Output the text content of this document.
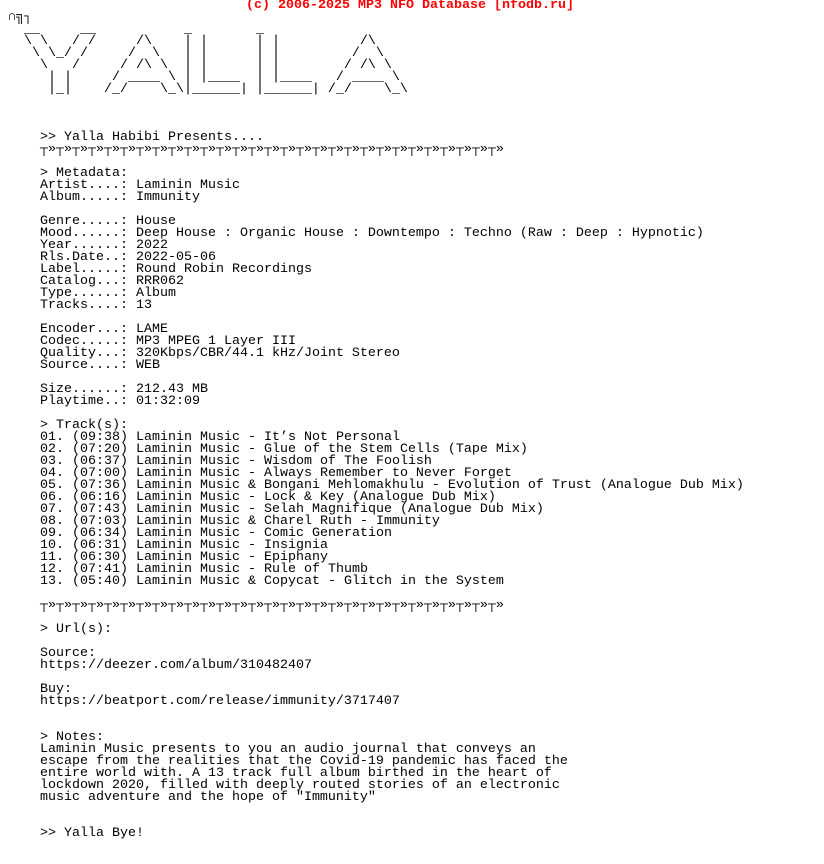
(c) 2006-2025 MP3 NFO Database [nfodb.ru]
∩╗┐
__     __           _        _
\ \   / /     /\    | |      | |          /\
\ \_/ /     /  \   | |      | |         /  \
\   /     / /\ \  | |      | |        / /\ \
| |     / ____ \ | |____  | |____   / ____ \
|_|    /_/    \_\|______| |______| /_/    \_\
>> Yalla Habibi Presents....
┬»┬»┬»┬»┬»┬»┬»┬»┬»┬»┬»┬»┬»┬»┬»┬»┬»┬»┬»┬»┬»┬»┬»┬»┬»┬»┬»┬»┬»
> Metadata:
Artist....: Laminin Music
Album.....: Immunity
Genre.....: House
Mood......: Deep House : Organic House : Downtempo : Techno (Raw : Deep : Hypnotic)
Year......: 2022
Rls.Date..: 2022-05-06
Label.....: Round Robin Recordings
Catalog...: RRR062
Type......: Album
Tracks....: 13
Encoder...: LAME
Codec.....: MP3 MPEG 1 Layer III
Quality...: 320Kbps/CBR/44.1 kHz/Joint Stereo
Source....: WEB
Size......: 212.43 MB
Playtime..: 01:32:09
> Track(s):
01. (09:38) Laminin Music - It’s Not Personal
02. (07:20) Laminin Music - Glue of the Stem Cells (Tape Mix)
03. (06:37) Laminin Music - Wisdom of The Foolish
04. (07:00) Laminin Music - Always Remember to Never Forget
05. (07:36) Laminin Music & Bongani Mehlomakhulu - Evolution of Trust (Analogue Dub Mix)
06. (06:16) Laminin Music - Lock & Key (Analogue Dub Mix)
07. (07:43) Laminin Music - Selah Magnifique (Analogue Dub Mix)
08. (07:03) Laminin Music & Charel Ruth - Immunity
09. (06:34) Laminin Music - Comic Generation
10. (06:31) Laminin Music - Insignia
11. (06:30) Laminin Music - Epiphany
12. (07:41) Laminin Music - Rule of Thumb
13. (05:40) Laminin Music & Copycat - Glitch in the System
┬»┬»┬»┬»┬»┬»┬»┬»┬»┬»┬»┬»┬»┬»┬»┬»┬»┬»┬»┬»┬»┬»┬»┬»┬»┬»┬»┬»┬»
> Url(s):
Source:
https://deezer.com/album/310482407
Buy:
https://beatport.com/release/immunity/3717407
> Notes:
Laminin Music presents to you an audio journal that conveys an
escape from the realities that the Covid-19 pandemic has faced the
entire world with. A 13 track full album birthed in the heart of
lockdown 2020, filled with deeply routed stories of an electronic
music adventure and the hope of "Immunity"
>> Yalla Bye!
